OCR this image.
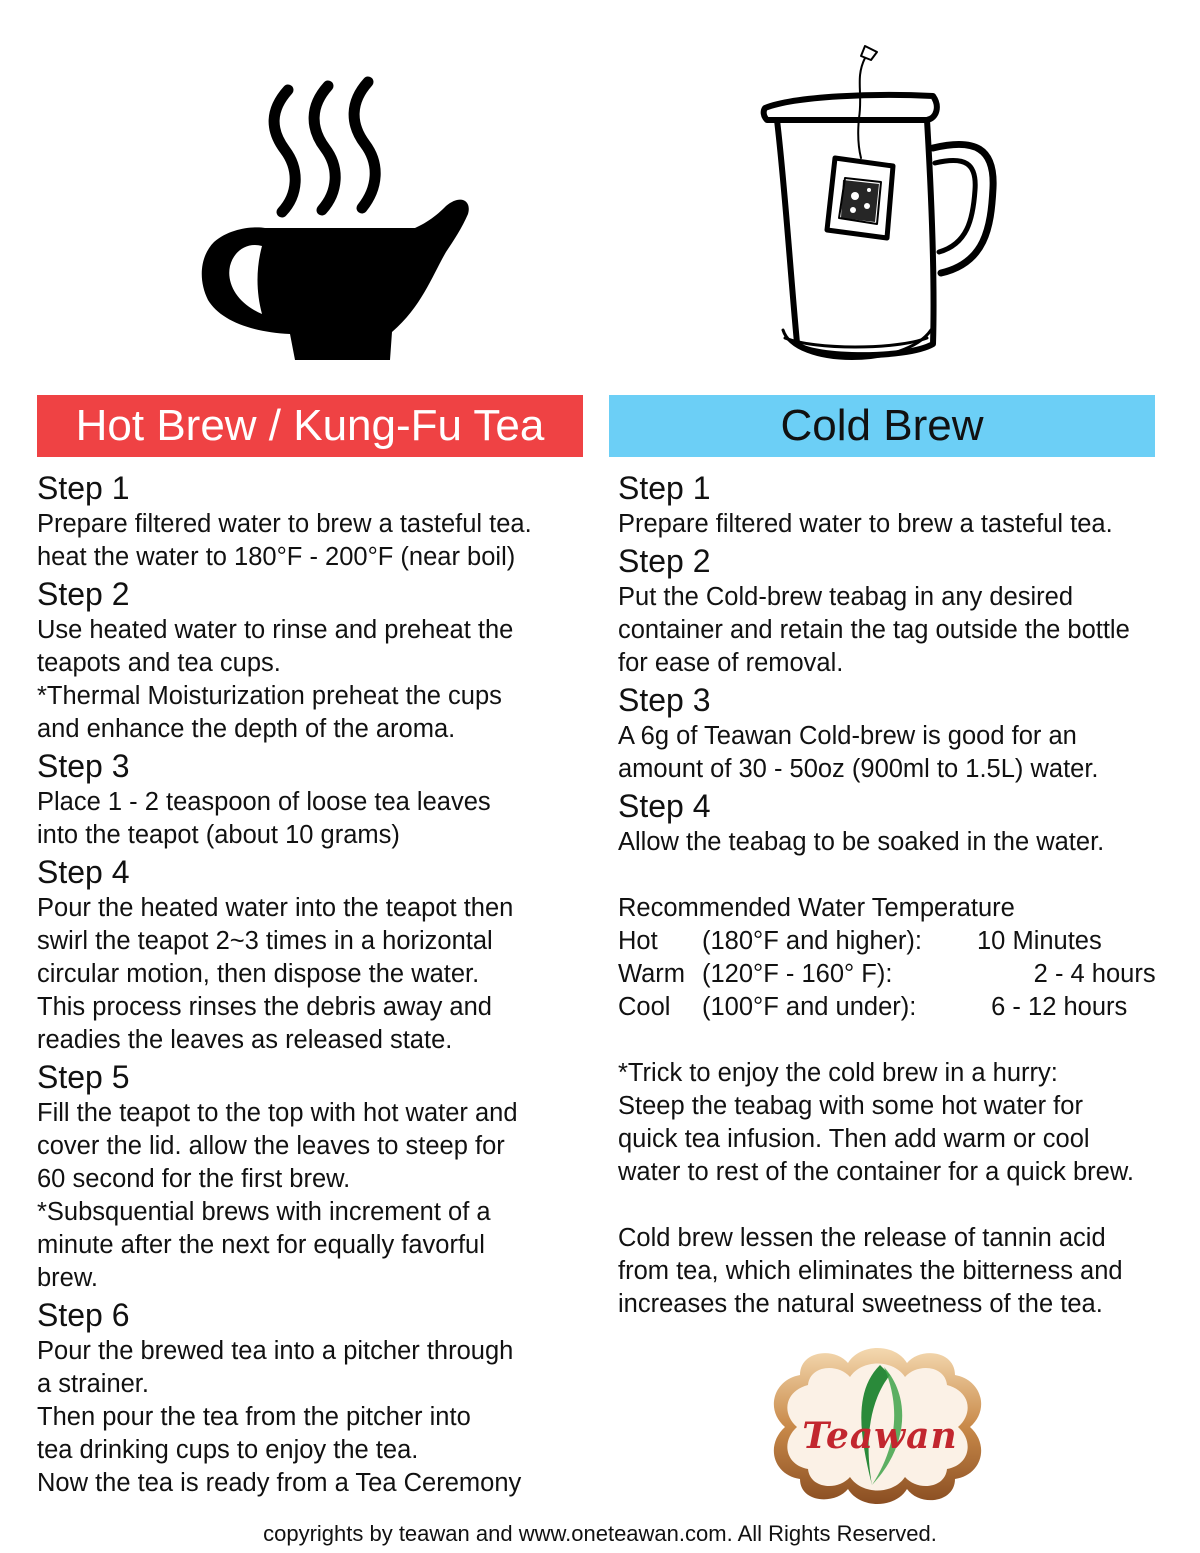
Hot Brew / Kung-Fu Tea	Cold Brew
Step 1
Prepare filtered water to brew a tasteful tea.
heat the water to 180°F - 200°F (near boil)
Step 2
Use heated water to rinse and preheat the
teapots and tea cups.
*Thermal Moisturization preheat the cups
and enhance the depth of the aroma.
Step 3
Place 1 - 2 teaspoon of loose tea leaves
into the teapot (about 10 grams)
Step 4
Pour the heated water into the teapot then
swirl the teapot 2~3 times in a horizontal
circular motion, then dispose the water.
This process rinses the debris away and
readies the leaves as released state.
Step 5
Fill the teapot to the top with hot water and
cover the lid. allow the leaves to steep for
60 second for the first brew.
*Subsquential brews with increment of a
minute after the next for equally favorful
brew.
Step 6
Pour the brewed tea into a pitcher through
a strainer.
Then pour the tea from the pitcher into
tea drinking cups to enjoy the tea.
Now the tea is ready from a Tea Ceremony
Step 1
Prepare filtered water to brew a tasteful tea.
Step 2
Put the Cold-brew teabag in any desired
container and retain the tag outside the bottle
for ease of removal.
Step 3
A 6g of Teawan Cold-brew is good for an
amount of 30 - 50oz (900ml to 1.5L) water.
Step 4
Allow the teabag to be soaked in the water.
Recommended Water Temperature
Hot	(180°F and higher):	10 Minutes
Warm (120°F - 160° F):	2 - 4 hours
Cool	(100°F and under):	6 - 12 hours
*Trick to enjoy the cold brew in a hurry:
Steep the teabag with some hot water for
quick tea infusion. Then add warm or cool
water to rest of the container for a quick brew.
Cold brew lessen the release of tannin acid
from tea, which eliminates the bitterness and
increases the natural sweetness of the tea.
Teawan
copyrights by teawan and www.oneteawan.com. All Rights Reserved.
